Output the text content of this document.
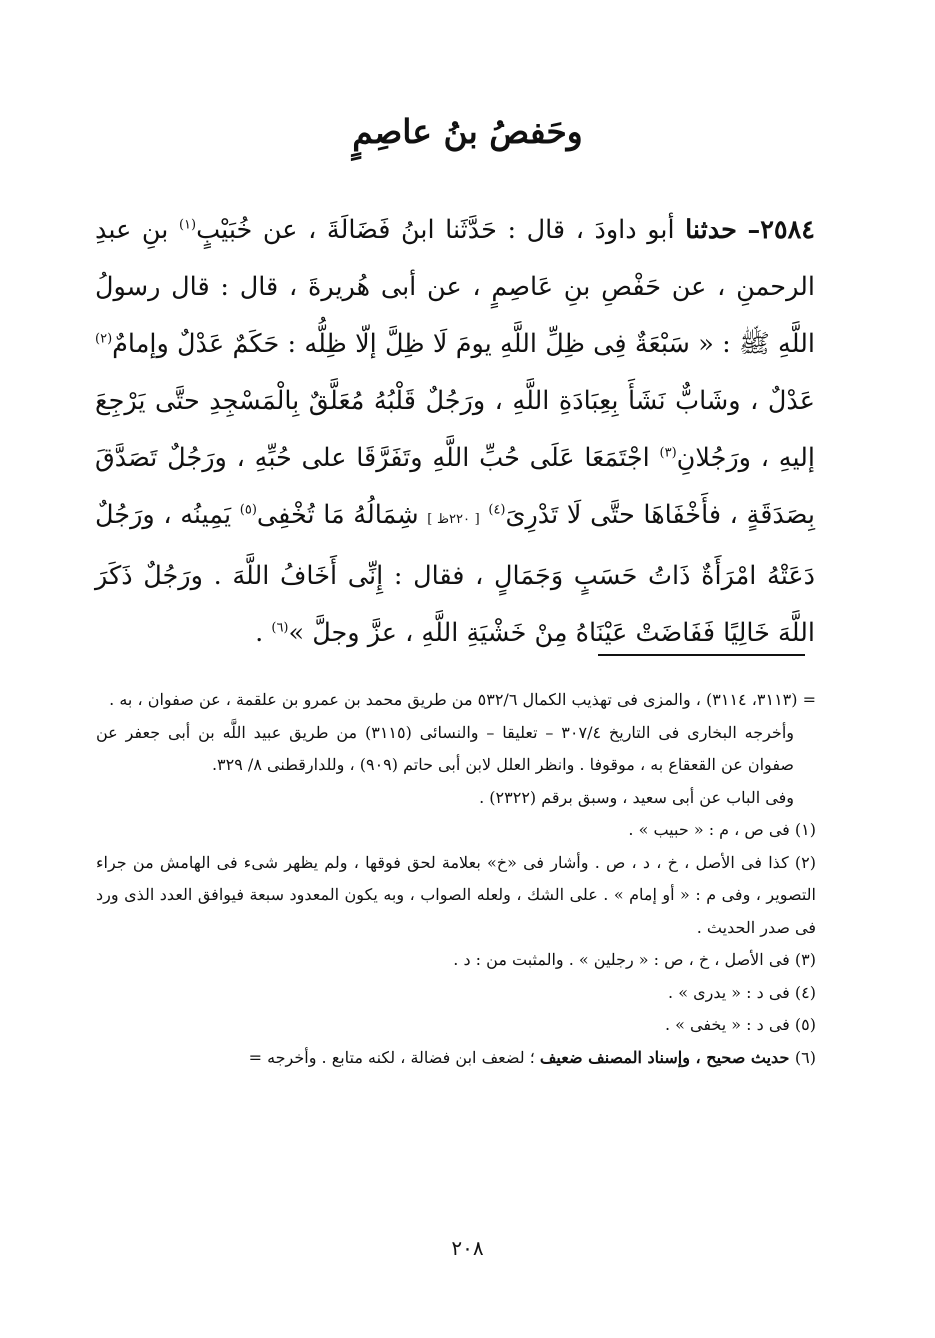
وحَفصُ بنُ عاصِمٍ

٢٥٨٤– حدثنا أبو داودَ ، قال : حَدَّثَنا ابنُ فَضَالَةَ ، عن خُبَيْبٍ$^{(١)}$ بنِ عبدِ الرحمنِ ، عن حَفْصِ بنِ عَاصِمٍ ، عن أبى هُريرةَ ، قال : قال رسولُ اللَّهِ ﷺ : « سَبْعَةٌ فِى ظِلِّ اللَّهِ يومَ لَا ظِلَّ إلّا ظِلُّه : حَكَمٌ عَدْلٌ وإمامٌ$^{(٢)}$ عَدْلٌ ، وشَابٌّ نَشَأَ بِعِبَادَةِ اللَّهِ ، ورَجُلٌ قَلْبُهُ مُعَلَّقٌ بِالْمَسْجِدِ حتَّى يَرْجِعَ إليهِ ، ورَجُلانِ$^{(٣)}$ اجْتَمَعَا عَلَى حُبِّ اللَّهِ وتَفَرَّقَا على حُبِّهِ ، ورَجُلٌ تَصَدَّقَ بِصَدَقَةٍ ، فأَخْفَاهَا حتَّى لَا تَدْرِىَ$^{(٤)}$ [ ٢٢٠ظ ] شِمَالُهُ مَا تُخْفِى$^{(٥)}$ يَمِينُه ، ورَجُلٌ دَعَتْهُ امْرَأَةٌ ذَاتُ حَسَبٍ وَجَمَالٍ ، فقال : إِنِّى أَخَافُ اللَّهَ . ورَجُلٌ ذَكَرَ اللَّهَ خَالِيًا فَفَاضَتْ عَيْنَاهُ مِنْ خَشْيَةِ اللَّهِ ، عزَّ وجلَّ »$^{(٦)}$ .

= (٣١١٣، ٣١١٤) ، والمزى فى تهذيب الكمال ٥٣٢/٦ من طريق محمد بن عمرو بن علقمة ، عن صفوان ، به .

وأخرجه البخارى فى التاريخ ٣٠٧/٤ – تعليقا – والنسائى (٣١١٥) من طريق عبيد اللَّه بن أبى جعفر عن صفوان عن القعقاع به ، موقوفا . وانظر العلل لابن أبى حاتم (٩٠٩) ، وللدارقطنى ٨/ ٣٢٩.

وفى الباب عن أبى سعيد ، وسبق برقم (٢٣٢٢) .

(١) فى ص ، م : « حبيب » .

(٢) كذا فى الأصل ، خ ، د ، ص . وأشار فى «خ» بعلامة لحق فوقها ، ولم يظهر شىء فى الهامش من جراء التصوير ، وفى م : « أو إمام » . على الشك ، ولعله الصواب ، وبه يكون المعدود سبعة فيوافق العدد الذى ورد فى صدر الحديث .

(٣) فى الأصل ، خ ، ص : « رجلين » . والمثبت من : د .

(٤) فى د : « يدرى » .

(٥) فى د : « يخفى » .

(٦) حديث صحيح ، وإسناد المصنف ضعيف ؛ لضعف ابن فضالة ، لكنه متابع . وأخرجه =

٢٠٨
